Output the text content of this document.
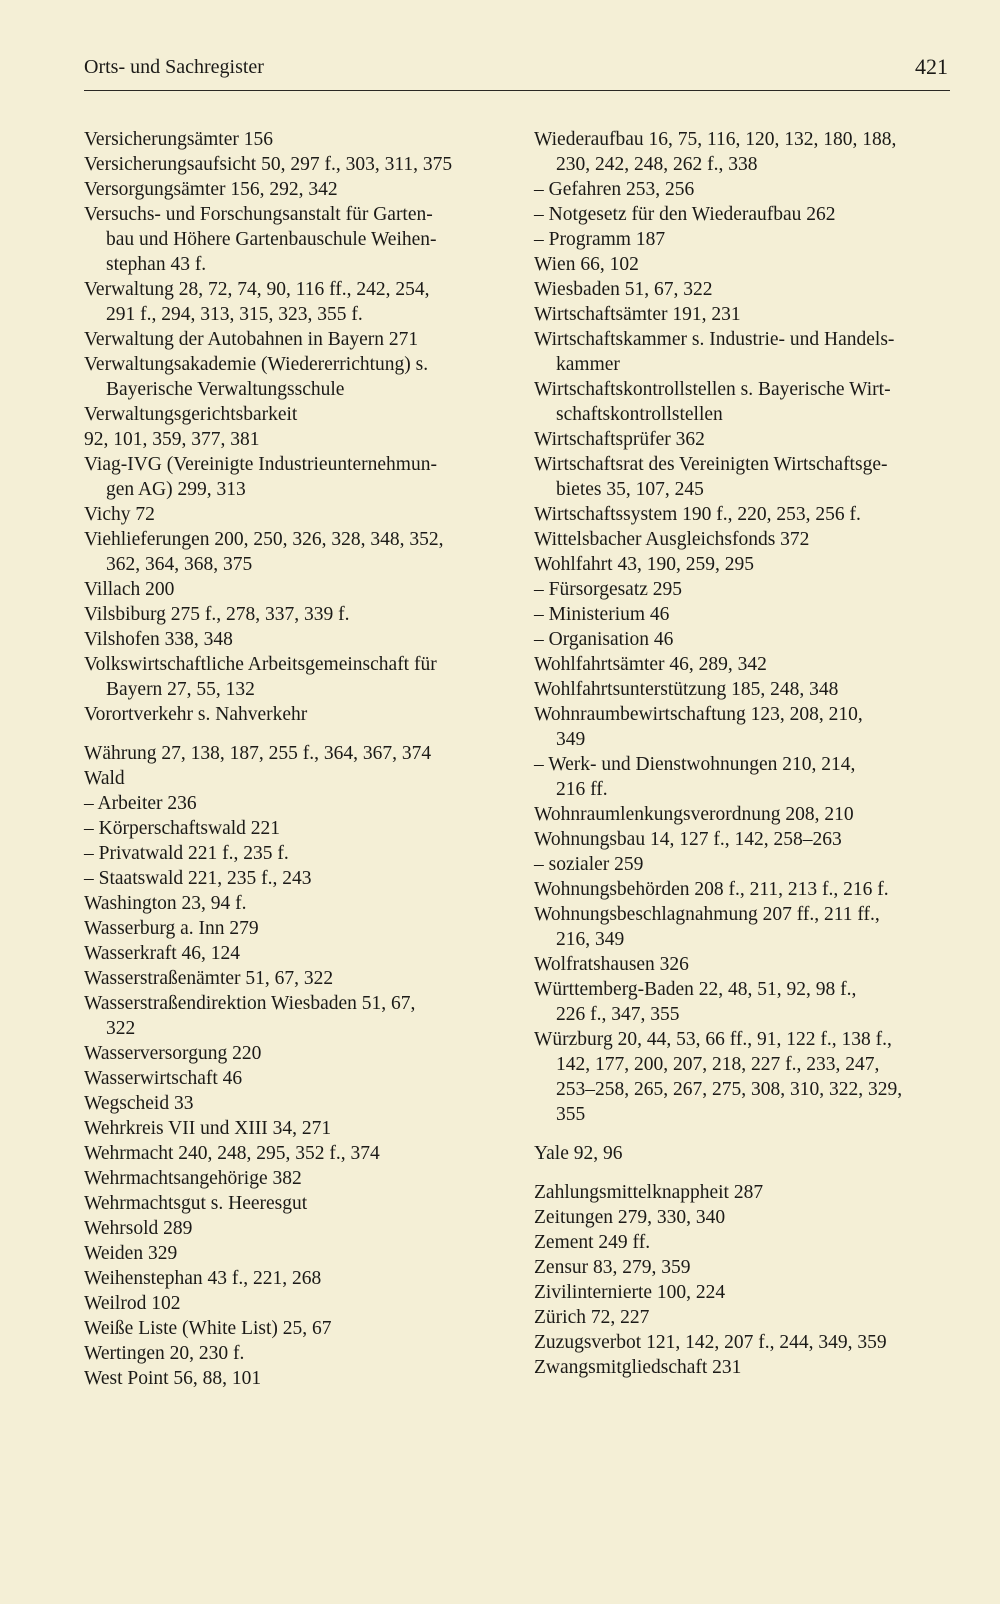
Orts- und Sachregister	421
Versicherungsämter 156
Versicherungsaufsicht 50, 297 f., 303, 311, 375
Versorgungsämter 156, 292, 342
Versuchs- und Forschungsanstalt für Garten-
bau und Höhere Gartenbauschule Weihen-
stephan 43 f.
Verwaltung 28, 72, 74, 90, 116 ff., 242, 254,
291 f., 294, 313, 315, 323, 355 f.
Verwaltung der Autobahnen in Bayern 271
Verwaltungsakademie (Wiedererrichtung) s.
Bayerische Verwaltungsschule
Verwaltungsgerichtsbarkeit
92, 101, 359, 377, 381
Viag-IVG (Vereinigte Industrieunternehmun-
gen AG) 299, 313
Vichy 72
Viehlieferungen 200, 250, 326, 328, 348, 352,
362, 364, 368, 375
Villach 200
Vilsbiburg 275 f., 278, 337, 339 f.
Vilshofen 338, 348
Volkswirtschaftliche Arbeitsgemeinschaft für
Bayern 27, 55, 132
Vorortverkehr s. Nahverkehr
Währung 27, 138, 187, 255 f., 364, 367, 374
Wald
– Arbeiter 236
– Körperschaftswald 221
– Privatwald 221 f., 235 f.
– Staatswald 221, 235 f., 243
Washington 23, 94 f.
Wasserburg a. Inn 279
Wasserkraft 46, 124
Wasserstraßenämter 51, 67, 322
Wasserstraßendirektion Wiesbaden 51, 67,
322
Wasserversorgung 220
Wasserwirtschaft 46
Wegscheid 33
Wehrkreis VII und XIII 34, 271
Wehrmacht 240, 248, 295, 352 f., 374
Wehrmachtsangehörige 382
Wehrmachtsgut s. Heeresgut
Wehrsold 289
Weiden 329
Weihenstephan 43 f., 221, 268
Weilrod 102
Weiße Liste (White List) 25, 67
Wertingen 20, 230 f.
West Point 56, 88, 101
Wiederaufbau 16, 75, 116, 120, 132, 180, 188,
230, 242, 248, 262 f., 338
– Gefahren 253, 256
– Notgesetz für den Wiederaufbau 262
– Programm 187
Wien 66, 102
Wiesbaden 51, 67, 322
Wirtschaftsämter 191, 231
Wirtschaftskammer s. Industrie- und Handels-
kammer
Wirtschaftskontrollstellen s. Bayerische Wirt-
schaftskontrollstellen
Wirtschaftsprüfer 362
Wirtschaftsrat des Vereinigten Wirtschaftsge-
bietes 35, 107, 245
Wirtschaftssystem 190 f., 220, 253, 256 f.
Wittelsbacher Ausgleichsfonds 372
Wohlfahrt 43, 190, 259, 295
– Fürsorgesatz 295
– Ministerium 46
– Organisation 46
Wohlfahrtsämter 46, 289, 342
Wohlfahrtsunterstützung 185, 248, 348
Wohnraumbewirtschaftung 123, 208, 210,
349
– Werk- und Dienstwohnungen 210, 214,
216 ff.
Wohnraumlenkungsverordnung 208, 210
Wohnungsbau 14, 127 f., 142, 258–263
– sozialer 259
Wohnungsbehörden 208 f., 211, 213 f., 216 f.
Wohnungsbeschlagnahmung 207 ff., 211 ff.,
216, 349
Wolfratshausen 326
Württemberg-Baden 22, 48, 51, 92, 98 f.,
226 f., 347, 355
Würzburg 20, 44, 53, 66 ff., 91, 122 f., 138 f.,
142, 177, 200, 207, 218, 227 f., 233, 247,
253–258, 265, 267, 275, 308, 310, 322, 329,
355
Yale 92, 96
Zahlungsmittelknappheit 287
Zeitungen 279, 330, 340
Zement 249 ff.
Zensur 83, 279, 359
Zivilinternierte 100, 224
Zürich 72, 227
Zuzugsverbot 121, 142, 207 f., 244, 349, 359
Zwangsmitgliedschaft 231
